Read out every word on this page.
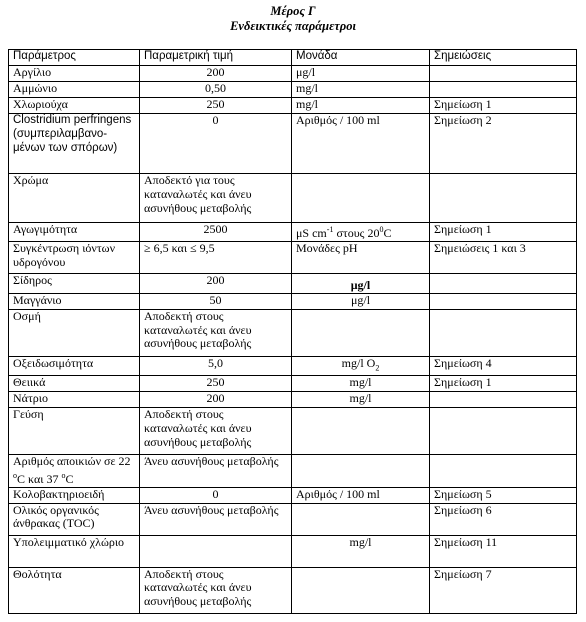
Μέρος Γ
Ενδεικτικές παράμετροι
Παράμετρος	Παραμετρική τιμή	Μονάδα	Σημειώσεις
Αργίλιο	200	μg/l	
Αμμώνιο	0,50	mg/l	
Χλωριούχα	250	mg/l	Σημείωση 1
Clostridium perfringens (συμπεριλαμβανο-μένων των σπόρων)	0	Αριθμός / 100 ml	Σημείωση 2
Χρώμα	Αποδεκτό για τους καταναλωτές και άνευ ασυνήθους μεταβολής		
Αγωγιμότητα	2500	μS $cm^{-1}$ στους $20^0C$	Σημείωση 1
Συγκέντρωση ιόντων υδρογόνου	≥ 6,5 και ≤ 9,5	Μονάδες pH	Σημειώσεις 1 και 3
Σίδηρος	200	μg/l	
Μαγγάνιο	50	μg/l	
Οσμή	Αποδεκτή στους καταναλωτές και άνευ ασυνήθους μεταβολής		
Οξειδωσιμότητα	5,0	mg/l $O_2$	Σημείωση 4
Θειικά	250	mg/l	Σημείωση 1
Νάτριο	200	mg/l	
Γεύση	Αποδεκτή στους καταναλωτές και άνευ ασυνήθους μεταβολής		
Αριθμός αποικιών σε 22 $^o$C και 37 $^o$C	Άνευ ασυνήθους μεταβολής		
Κολοβακτηριοειδή	0	Αριθμός / 100 ml	Σημείωση 5
Ολικός οργανικός άνθρακας (TOC)	Άνευ ασυνήθους μεταβολής		Σημείωση 6
Υπολειμματικό χλώριο		mg/l	Σημείωση 11
Θολότητα	Αποδεκτή στους καταναλωτές και άνευ ασυνήθους μεταβολής		Σημείωση 7
